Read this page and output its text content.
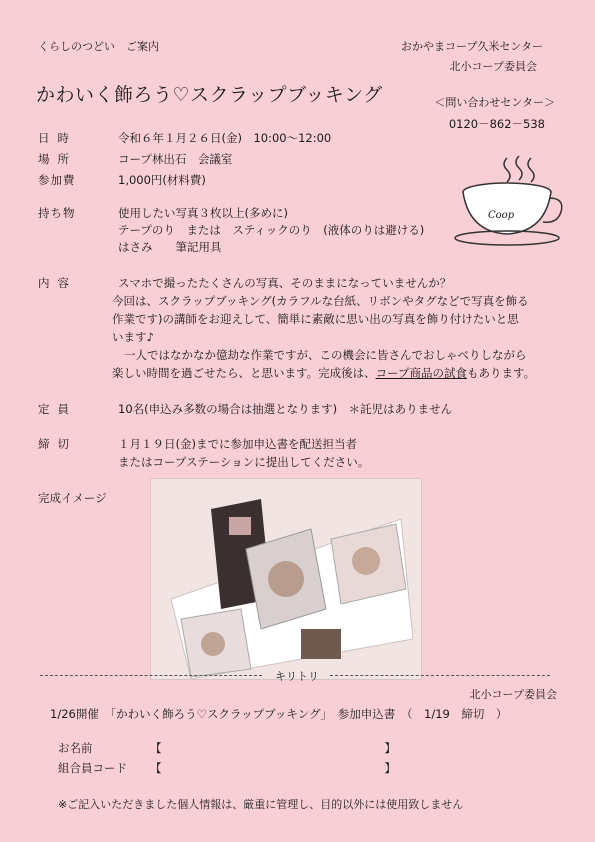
くらしのつどい　ご案内	おかやまコープ久米センター
北小コープ委員会
かわいく飾ろう♡スクラップブッキング	＜問い合わせセンター＞
0120－862－538
日時	令和６年１月２６日(金)　10:00～12:00
場所	コープ林出石　会議室
参加費	1,000円(材料費)
Coop
持ち物	使用したい写真３枚以上(多めに)
テープのり　または　スティックのり　(液体のりは避ける)
はさみ　　筆記用具
内容	スマホで撮ったたくさんの写真、そのままになっていませんか？
今回は、スクラップブッキング(カラフルな台紙、リボンやタグなどで写真を飾る
作業です)の講師をお迎えして、簡単に素敵に思い出の写真を飾り付けたいと思
います♪
一人ではなかなか億劫な作業ですが、この機会に皆さんでおしゃべりしながら
楽しい時間を過ごせたら、と思います。完成後は、コープ商品の試食もあります。
定員	10名(申込み多数の場合は抽選となります)　＊託児はありません
締切	１月１９日(金)までに参加申込書を配送担当者
またはコープステーションに提出してください。
完成イメージ
キリトリ
北小コープ委員会
1/26開催　「かわいく飾ろう♡スクラップブッキング」　参加申込書　（　1/19　締切　）
お名前	【	】
組合員コード 【	】
※ご記入いただきました個人情報は、厳重に管理し、目的以外には使用致しません
